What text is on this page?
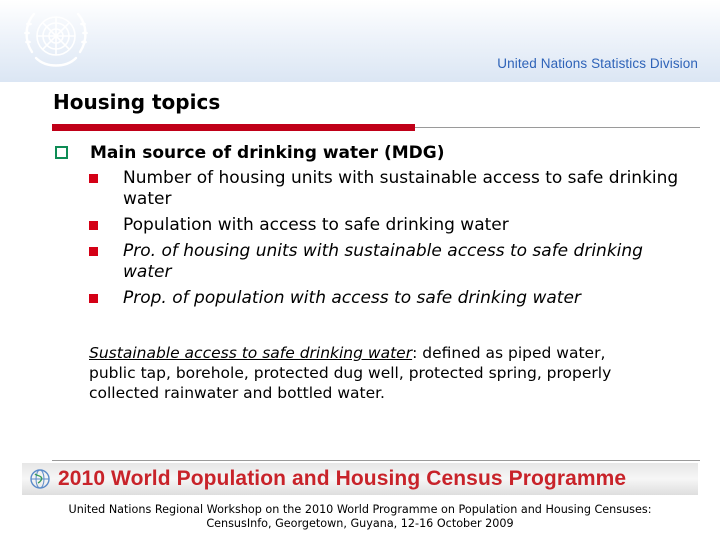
United Nations Statistics Division
Housing topics
Main source of drinking water (MDG)
Number of housing units with sustainable access to safe drinking water
Population with access to safe drinking water
Pro. of housing units with sustainable access to safe drinking water
Prop. of population with access to safe drinking water
Sustainable access to safe drinking water: defined as piped water, public tap, borehole, protected dug well, protected spring, properly collected rainwater and bottled water.
2010 World Population and Housing Census Programme
United Nations Regional Workshop on the 2010 World Programme on Population and Housing Censuses:
CensusInfo, Georgetown, Guyana, 12-16 October 2009
